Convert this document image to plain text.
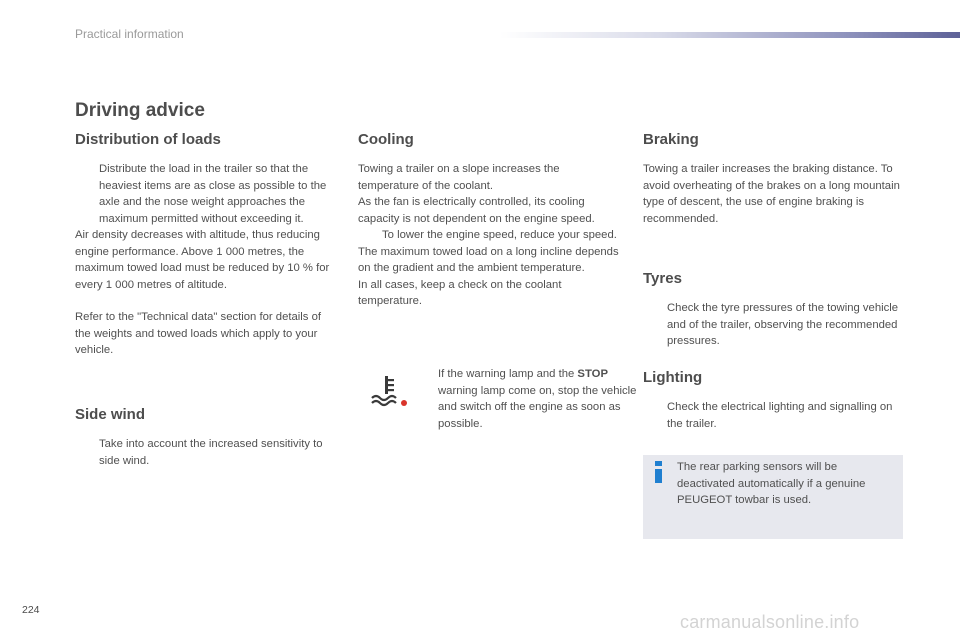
Practical information
Driving advice
Distribution of loads
Distribute the load in the trailer so that the heaviest items are as close as possible to the axle and the nose weight approaches the maximum permitted without exceeding it.

Air density decreases with altitude, thus reducing engine performance. Above 1 000 metres, the maximum towed load must be reduced by 10 % for every 1 000 metres of altitude.

Refer to the "Technical data" section for details of the weights and towed loads which apply to your vehicle.

Side wind
Take into account the increased sensitivity to side wind.
Cooling

Towing a trailer on a slope increases the temperature of the coolant.

As the fan is electrically controlled, its cooling capacity is not dependent on the engine speed.

To lower the engine speed, reduce your speed.

The maximum towed load on a long incline depends on the gradient and the ambient temperature.

In all cases, keep a check on the coolant temperature.

If the warning lamp and the STOP warning lamp come on, stop the vehicle and switch off the engine as soon as possible.
Braking

Towing a trailer increases the braking distance. To avoid overheating of the brakes on a long mountain type of descent, the use of engine braking is recommended.

Tyres
Check the tyre pressures of the towing vehicle and of the trailer, observing the recommended pressures.
Lighting
Check the electrical lighting and signalling on the trailer.
The rear parking sensors will be deactivated automatically if a genuine PEUGEOT towbar is used.
224
carmanualsonline.info
